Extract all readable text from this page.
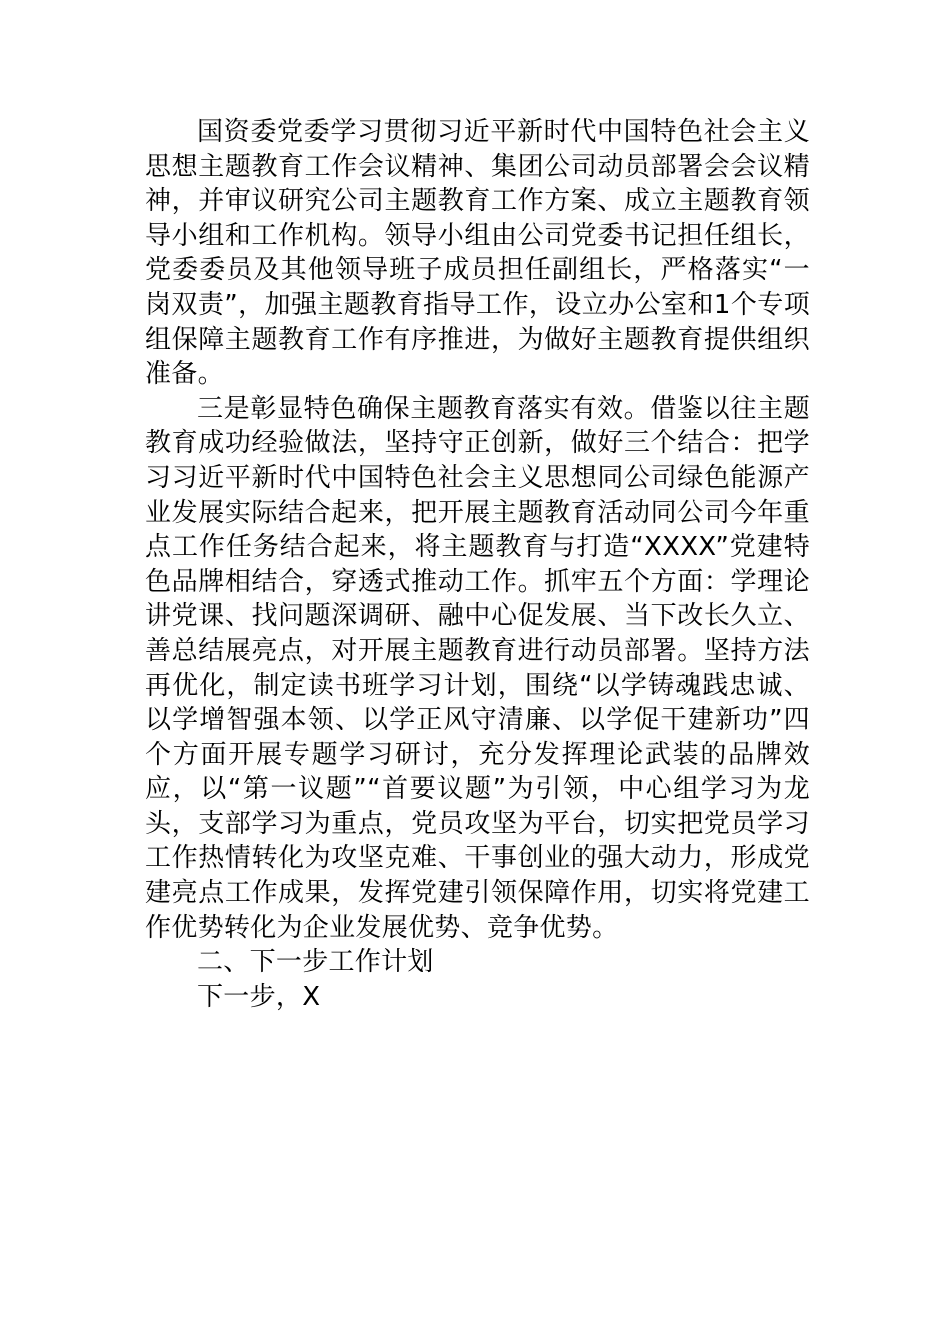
国资委党委学习贯彻习近平新时代中国特色社会主义思想主题教育工作会议精神、集团公司动员部署会会议精神，并审议研究公司主题教育工作方案、成立主题教育领导小组和工作机构。领导小组由公司党委书记担任组长，党委委员及其他领导班子成员担任副组长，严格落实“一岗双责”，加强主题教育指导工作，设立办公室和1个专项组保障主题教育工作有序推进，为做好主题教育提供组织准备。

三是彰显特色确保主题教育落实有效。借鉴以往主题教育成功经验做法，坚持守正创新，做好三个结合：把学习习近平新时代中国特色社会主义思想同公司绿色能源产业发展实际结合起来，把开展主题教育活动同公司今年重点工作任务结合起来，将主题教育与打造“XXXX”党建特色品牌相结合，穿透式推动工作。抓牢五个方面：学理论讲党课、找问题深调研、融中心促发展、当下改长久立、善总结展亮点，对开展主题教育进行动员部署。坚持方法再优化，制定读书班学习计划，围绕“以学铸魂践忠诚、以学增智强本领、以学正风守清廉、以学促干建新功”四个方面开展专题学习研讨，充分发挥理论武装的品牌效应，以“第一议题”“首要议题”为引领，中心组学习为龙头，支部学习为重点，党员攻坚为平台，切实把党员学习工作热情转化为攻坚克难、干事创业的强大动力，形成党建亮点工作成果，发挥党建引领保障作用，切实将党建工作优势转化为企业发展优势、竞争优势。

二、下一步工作计划

下一步，X
